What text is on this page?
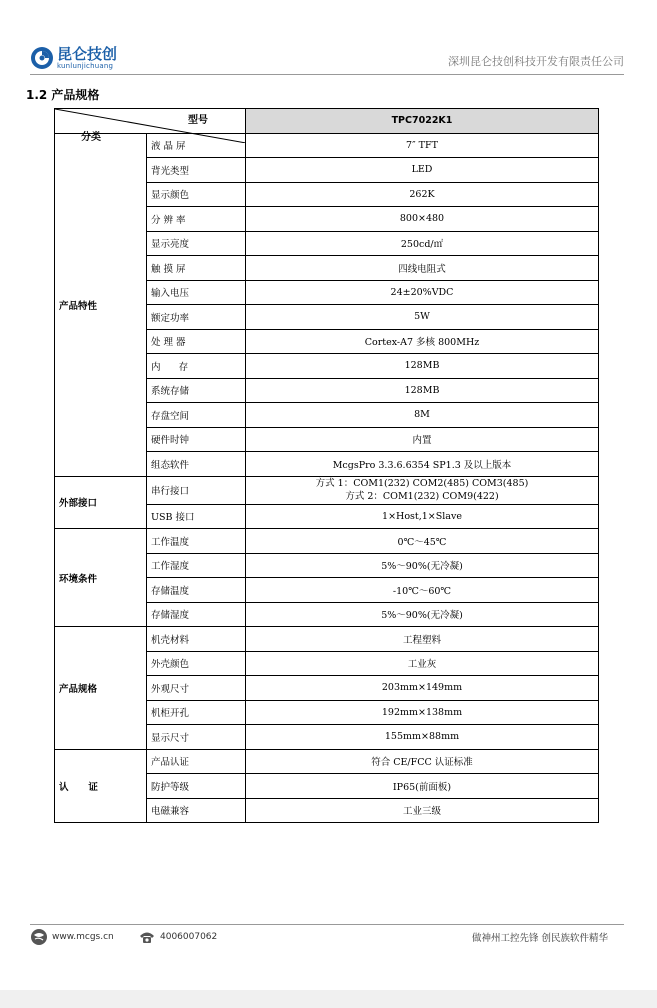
昆仑技创
kunlunjichuang	深圳昆仑技创科技开发有限责任公司
1.2 产品规格
型号
分类		TPC7022K1
产品特性	液 晶 屏	7″ TFT
	背光类型	LED
	显示颜色	262K
	分 辨 率	800×480
	显示亮度	250cd/㎡
	触 摸 屏	四线电阻式
	输入电压	24±20%VDC
	额定功率	5W
	处 理 器	Cortex-A7 多核 800MHz
	内      存	128MB
	系统存储	128MB
	存盘空间	8M
	硬件时钟	内置
	组态软件	McgsPro 3.3.6.6354 SP1.3 及以上版本
外部接口	串行接口	方式 1：COM1(232) COM2(485) COM3(485)
方式 2：COM1(232) COM9(422)

	USB 接口	1×Host,1×Slave
环境条件	工作温度	0℃～45℃
	工作湿度	5%～90%(无冷凝)
	存储温度	-10℃～60℃
	存储湿度	5%～90%(无冷凝)
产品规格	机壳材料	工程塑料
	外壳颜色	工业灰
	外观尺寸	203mm×149mm
	机柜开孔	192mm×138mm
	显示尺寸	155mm×88mm
认      证	产品认证	符合 CE/FCC 认证标准
	防护等级	IP65(前面板)
	电磁兼容	工业三级
www.mcgs.cn	4006007062	做神州工控先锋 创民族软件精华
